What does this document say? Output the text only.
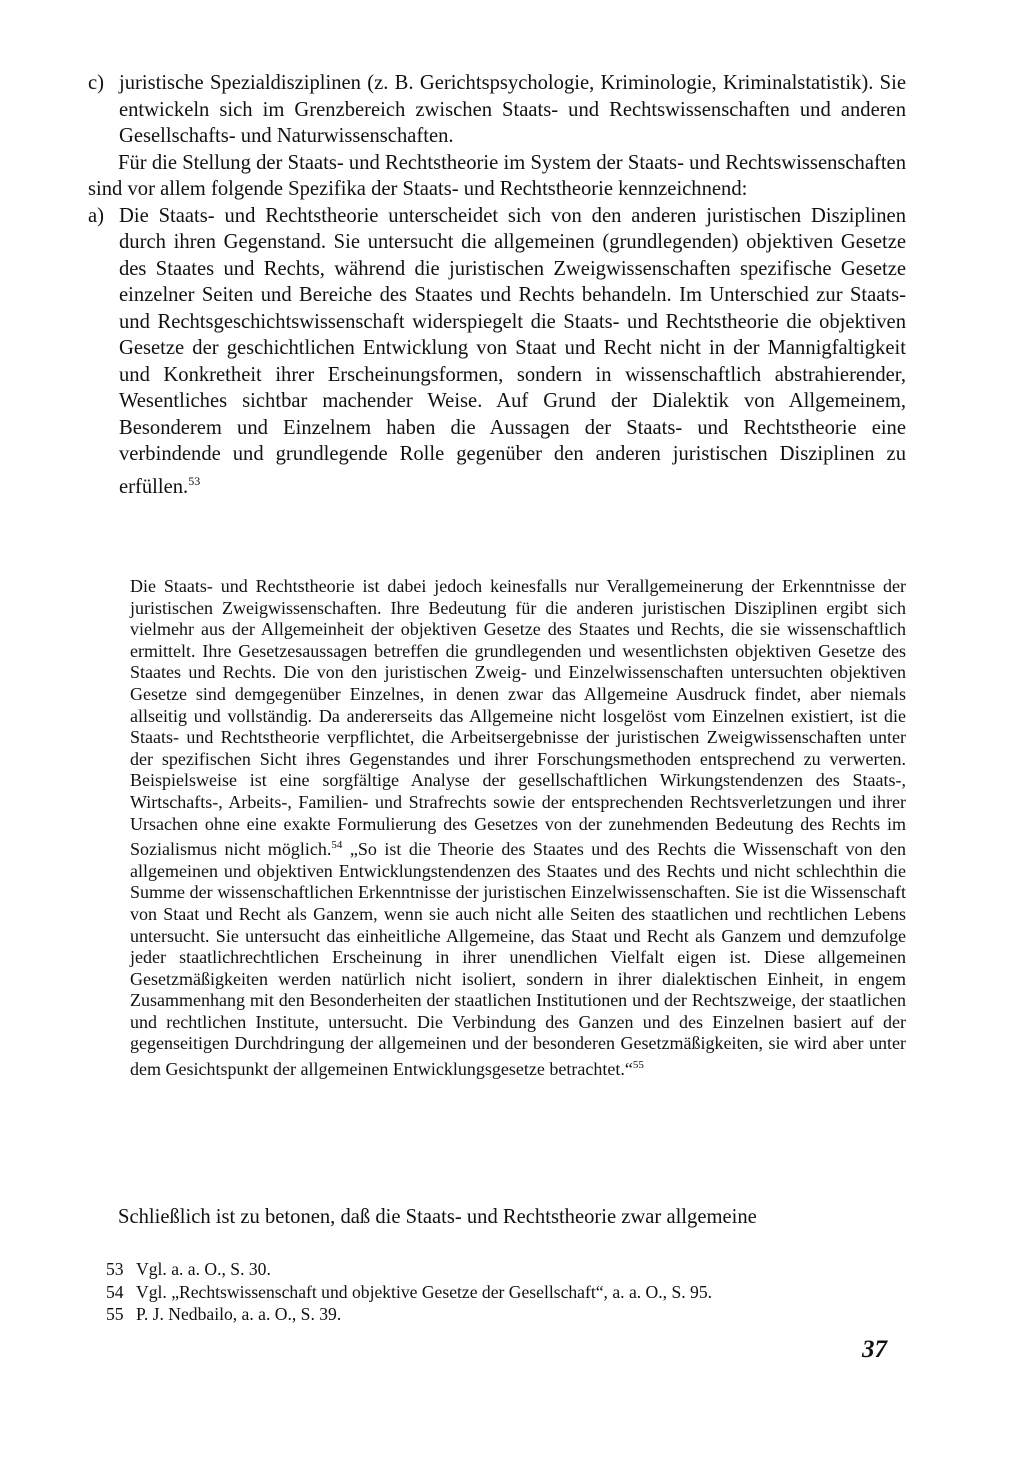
c) juristische Spezialdisziplinen (z. B. Gerichtspsychologie, Kriminologie, Kriminalstatistik). Sie entwickeln sich im Grenzbereich zwischen Staats- und Rechtswissenschaften und anderen Gesellschafts- und Naturwissenschaften.

Für die Stellung der Staats- und Rechtstheorie im System der Staats- und Rechtswissenschaften sind vor allem folgende Spezifika der Staats- und Rechtstheorie kennzeichnend:

a) Die Staats- und Rechtstheorie unterscheidet sich von den anderen juristischen Disziplinen durch ihren Gegenstand. Sie untersucht die allgemeinen (grundlegenden) objektiven Gesetze des Staates und Rechts, während die juristischen Zweigwissenschaften spezifische Gesetze einzelner Seiten und Bereiche des Staates und Rechts behandeln. Im Unterschied zur Staats- und Rechtsgeschichtswissenschaft widerspiegelt die Staats- und Rechtstheorie die objektiven Gesetze der geschichtlichen Entwicklung von Staat und Recht nicht in der Mannigfaltigkeit und Konkretheit ihrer Erscheinungsformen, sondern in wissenschaftlich abstrahierender, Wesentliches sichtbar machender Weise. Auf Grund der Dialektik von Allgemeinem, Besonderem und Einzelnem haben die Aussagen der Staats- und Rechtstheorie eine verbindende und grundlegende Rolle gegenüber den anderen juristischen Disziplinen zu erfüllen.$^{53}$

Die Staats- und Rechtstheorie ist dabei jedoch keinesfalls nur Verallgemeinerung der Erkenntnisse der juristischen Zweigwissenschaften. Ihre Bedeutung für die anderen juristischen Disziplinen ergibt sich vielmehr aus der Allgemeinheit der objektiven Gesetze des Staates und Rechts, die sie wissenschaftlich ermittelt. Ihre Gesetzesaussagen betreffen die grundlegenden und wesentlichsten objektiven Gesetze des Staates und Rechts. Die von den juristischen Zweig- und Einzelwissenschaften untersuchten objektiven Gesetze sind demgegenüber Einzelnes, in denen zwar das Allgemeine Ausdruck findet, aber niemals allseitig und vollständig. Da andererseits das Allgemeine nicht losgelöst vom Einzelnen existiert, ist die Staats- und Rechtstheorie verpflichtet, die Arbeitsergebnisse der juristischen Zweigwissenschaften unter der spezifischen Sicht ihres Gegenstandes und ihrer Forschungsmethoden entsprechend zu verwerten. Beispielsweise ist eine sorgfältige Analyse der gesellschaftlichen Wirkungstendenzen des Staats-, Wirtschafts-, Arbeits-, Familien- und Strafrechts sowie der entsprechenden Rechtsverletzungen und ihrer Ursachen ohne eine exakte Formulierung des Gesetzes von der zunehmenden Bedeutung des Rechts im Sozialismus nicht möglich.$^{54}$ „So ist die Theorie des Staates und des Rechts die Wissenschaft von den allgemeinen und objektiven Entwicklungstendenzen des Staates und des Rechts und nicht schlechthin die Summe der wissenschaftlichen Erkenntnisse der juristischen Einzelwissenschaften. Sie ist die Wissenschaft von Staat und Recht als Ganzem, wenn sie auch nicht alle Seiten des staatlichen und rechtlichen Lebens untersucht. Sie untersucht das einheitliche Allgemeine, das Staat und Recht als Ganzem und demzufolge jeder staatlichrechtlichen Erscheinung in ihrer unendlichen Vielfalt eigen ist. Diese allgemeinen Gesetzmäßigkeiten werden natürlich nicht isoliert, sondern in ihrer dialektischen Einheit, in engem Zusammenhang mit den Besonderheiten der staatlichen Institutionen und der Rechtszweige, der staatlichen und rechtlichen Institute, untersucht. Die Verbindung des Ganzen und des Einzelnen basiert auf der gegenseitigen Durchdringung der allgemeinen und der besonderen Gesetzmäßigkeiten, sie wird aber unter dem Gesichtspunkt der allgemeinen Entwicklungsgesetze betrachtet.“$^{55}$

Schließlich ist zu betonen, daß die Staats- und Rechtstheorie zwar allgemeine

53 Vgl. a. a. O., S. 30.
54 Vgl. „Rechtswissenschaft und objektive Gesetze der Gesellschaft“, a. a. O., S. 95.
55 P. J. Nedbailo, a. a. O., S. 39.
37
